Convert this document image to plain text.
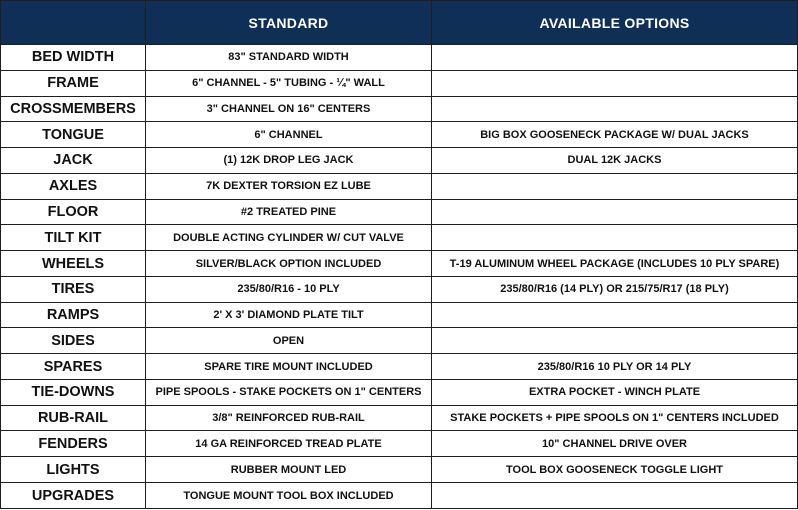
	STANDARD	AVAILABLE OPTIONS
BED WIDTH	83" STANDARD WIDTH	
FRAME	6" CHANNEL - 5" TUBING - ¼" WALL	
CROSSMEMBERS	3" CHANNEL ON 16" CENTERS	
TONGUE	6" CHANNEL	BIG BOX GOOSENECK PACKAGE W/ DUAL JACKS
JACK	(1) 12K DROP LEG JACK	DUAL 12K JACKS
AXLES	7K DEXTER TORSION EZ LUBE	
FLOOR	#2 TREATED PINE	
TILT KIT	DOUBLE ACTING CYLINDER W/ CUT VALVE	
WHEELS	SILVER/BLACK OPTION INCLUDED	T-19 ALUMINUM WHEEL PACKAGE (INCLUDES 10 PLY SPARE)
TIRES	235/80/R16 - 10 PLY	235/80/R16 (14 PLY) OR 215/75/R17 (18 PLY)
RAMPS	2' X 3' DIAMOND PLATE TILT	
SIDES	OPEN	
SPARES	SPARE TIRE MOUNT INCLUDED	235/80/R16 10 PLY OR 14 PLY
TIE-DOWNS	PIPE SPOOLS - STAKE POCKETS ON 1" CENTERS	EXTRA POCKET - WINCH PLATE
RUB-RAIL	3/8" REINFORCED RUB-RAIL	STAKE POCKETS + PIPE SPOOLS ON 1" CENTERS INCLUDED
FENDERS	14 GA REINFORCED TREAD PLATE	10" CHANNEL DRIVE OVER
LIGHTS	RUBBER MOUNT LED	TOOL BOX GOOSENECK TOGGLE LIGHT
UPGRADES	TONGUE MOUNT TOOL BOX INCLUDED	
